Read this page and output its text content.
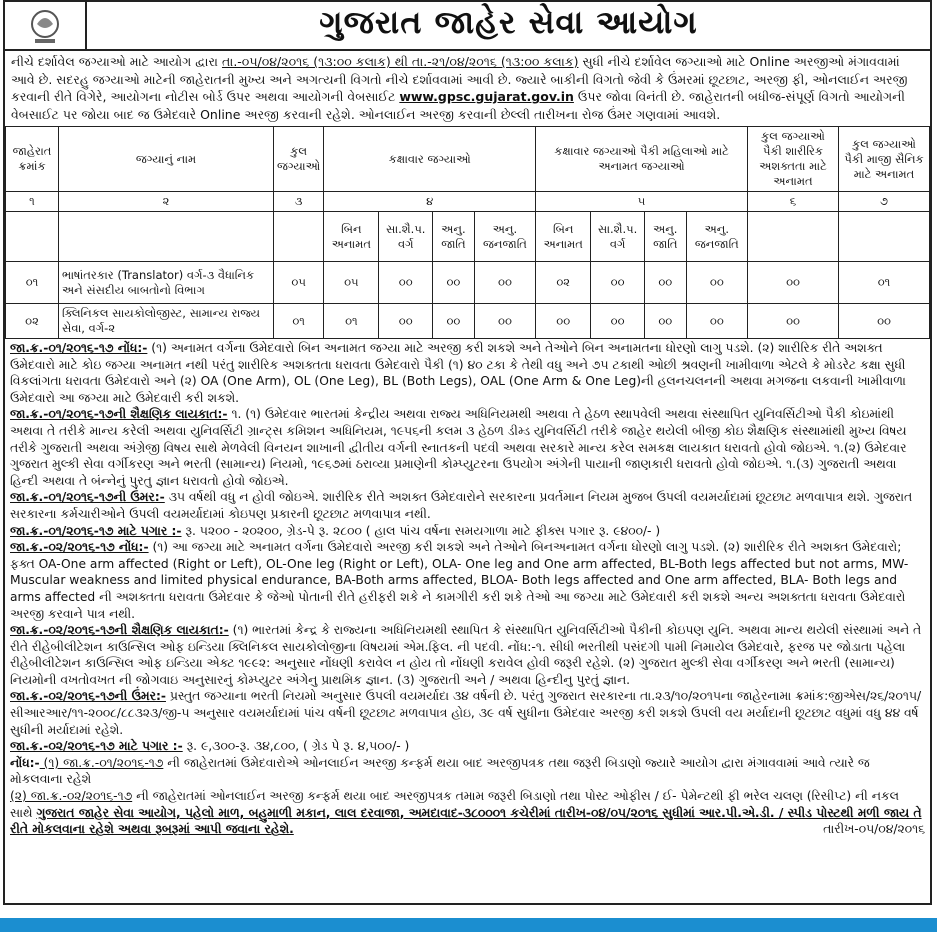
ગુજરાત જાહેર સેવા આયોગ
નીચે દર્શાવેલ જગ્યાઓ માટે આયોગ દ્વારા તા.-૦૫/૦૪/૨૦૧૬ (૧૩:૦૦ કલાક) થી તા.-૨૧/૦૪/૨૦૧૬ (૧૩:૦૦ કલાક) સુધી નીચે દર્શાવેલ જગ્યાઓ માટે Online અરજીઓ મંગાવવામાં આવે છે. સદરહુ જગ્યાઓ માટેની જાહેરાતની મુખ્ય અને અગત્યની વિગતો નીચે દર્શાવવામાં આવી છે. જ્યારે બાકીની વિગતો જેવી કે ઉંમરમાં છૂટછાટ, અરજી ફી, ઓનલાઈન અરજી કરવાની રીતે વિગેરે, આયોગના નોટીસ બોર્ડ ઉપર અથવા આયોગની વેબસાઈટ www.gpsc.gujarat.gov.in ઉપર જોવા વિનંતી છે. જાહેરાતની બધીજ-સંપૂર્ણ વિગતો આયોગની વેબસાઈટ પર જોયા બાદ જ ઉમેદવારે Online અરજી કરવાની રહેશે. ઓનલાઈન અરજી કરવાની છેલ્લી તારીખના રોજ ઉંમર ગણવામાં આવશે.
જાહેરાત ક્રમાંક	જગ્યાનું નામ	કુલ જગ્યાઓ	કક્ષાવાર જગ્યાઓ				કક્ષાવાર જગ્યાઓ પૈકી મહિલાઓ માટે અનામત જગ્યાઓ				કુલ જગ્યાઓ પૈકી શારીરિક અશક્તતા માટે અનામત	કુલ જગ્યાઓ પૈકી માજી સૈનિક માટે અનામત
૧	૨	૩	૪				૫				૬	૭
			બિન અનામત	સા.શૈ.પ. વર્ગ	અનુ. જાતિ	અનુ. જનજાતિ	બિન અનામત	સા.શૈ.પ. વર્ગ	અનુ. જાતિ	અનુ. જનજાતિ		
૦૧	ભાષાંતરકાર (Translator) વર્ગ-૩ વૈધાનિક અને સંસદીય બાબતોનો વિભાગ	૦૫	૦૫	૦૦	૦૦	૦૦	૦૨	૦૦	૦૦	૦૦	૦૦	૦૧
૦૨	ક્લિનિકલ સાયકોલોજીસ્ટ, સામાન્ય રાજ્ય સેવા, વર્ગ-૨	૦૧	૦૧	૦૦	૦૦	૦૦	૦૦	૦૦	૦૦	૦૦	૦૦	૦૦

જા.ક્ર.-૦૧/૨૦૧૬-૧૭ નોંધ:- (૧) અનામત વર્ગના ઉમેદવારો બિન અનામત જગ્યા માટે અરજી કરી શકશે અને તેઓને બિન અનામતના ધોરણો લાગુ પડશે. (૨) શારીરિક રીતે અશક્ત ઉમેદવારો માટે કોઇ જગ્યા અનામત નથી પરંતુ શારીરિક અશક્તતા ધરાવતા ઉમેદવારો પૈકી (૧) ૪૦ ટકા કે તેથી વધુ અને ૭૫ ટકાથી ઓછી શ્રવણની ખામીવાળા એટલે કે મોડરેટ કક્ષા સુધી વિકલાંગતા ધરાવતા ઉમેદવારો અને (૨) OA (One Arm), OL (One Leg), BL (Both Legs), OAL (One Arm & One Leg)ની હલનચલનની અથવા મગજના લકવાની ખામીવાળા ઉમેદવારો આ જગ્યા માટે ઉમેદવારી કરી શકશે.

જા.ક્ર.-૦૧/૨૦૧૬-૧૭ની શૈક્ષણિક લાયકાત:- ૧. (૧) ઉમેદવાર ભારતમાં કેન્દ્રીય અથવા રાજ્ય અધિનિયમથી અથવા તે હેઠળ સ્થાપવેલી અથવા સંસ્થાપિત યુનિવર્સિટીઓ પૈકી કોઇમાંથી અથવા તે તરીકે માન્ય કરેલી અથવા યુનિવર્સિટી ગ્રાન્ટ્સ કમિશન અધિનિયમ, ૧૯૫૬ની કલમ ૩ હેઠળ ડીમ્ડ યુનિવર્સિટી તરીકે જાહેર થયેલી બીજી કોઇ શૈક્ષણિક સંસ્થામાંથી મુખ્ય વિષય તરીકે ગુજરાતી અથવા અંગ્રેજી વિષય સાથે મેળવેલી વિનયન શાખાની દ્વીતીય વર્ગની સ્નાતકની પદવી અથવા સરકારે માન્ય કરેલ સમકક્ષ લાયકાત ધરાવતો હોવો જોઇએ. ૧.(૨) ઉમેદવાર ગુજરાત મુલ્કી સેવા વર્ગીકરણ અને ભરતી (સામાન્ય) નિયમો, ૧૯૬૭માં ઠરાવ્યા પ્રમાણેની કોમ્પ્યુટરના ઉપયોગ અંગેની પાયાની જાણકારી ધરાવતો હોવો જોઇએ. ૧.(૩) ગુજરાતી અથવા હિન્દી અથવા તે બંન્નેનું પુરતુ જ્ઞાન ધરાવતો હોવો જોઇએ.

જા.ક્ર.-૦૧/૨૦૧૬-૧૭ની ઉંમર:- ૩૫ વર્ષથી વધુ ન હોવી જોઇએ. શારીરિક રીતે અશક્ત ઉમેદવારોને સરકારના પ્રવર્તમાન નિયમ મુજબ ઉપલી વયમર્યાદામાં છૂટછાટ મળવાપાત્ર થશે. ગુજરાત સરકારના કર્મચારીઓને ઉપલી વયમર્યાદામાં કોઇપણ પ્રકારની છૂટછાટ મળવાપાત્ર નથી.

જા.ક્ર.-૦૧/૨૦૧૬-૧૭ માટે પગાર :- રૂ. ૫૨૦૦ - ૨૦૨૦૦, ગ્રેડ-પે રૂ. ૨૮૦૦ ( હાલ પાંચ વર્ષના સમયગાળા માટે ફીક્સ પગાર રૂ. ૯૪૦૦/- )

જા.ક્ર.-૦૨/૨૦૧૬-૧૭ નોંધ:- (૧) આ જગ્યા માટે અનામત વર્ગના ઉમેદવારો અરજી કરી શકશે અને તેઓને બિનઅનામત વર્ગના ધોરણો લાગુ પડશે. (૨) શારીરિક રીતે અશક્ત ઉમેદવારો; ફક્ત OA-One arm affected (Right or Left), OL-One leg (Right or Left), OLA- One leg and One arm affected, BL-Both legs affected but not arms, MW-Muscular weakness and limited physical endurance, BA-Both arms affected, BLOA- Both legs affected and One arm affected, BLA- Both legs and arms affected ની અશક્તતા ધરાવતા ઉમેદવાર કે જેઓ પોતાની રીતે હરીફરી શકે ને કામગીરી કરી શકે તેઓ આ જગ્યા માટે ઉમેદવારી કરી શકશે અન્ય અશક્તતા ધરાવતા ઉમેદવારો અરજી કરવાને પાત્ર નથી.

જા.ક્ર.-૦૨/૨૦૧૬-૧૭ની શૈક્ષણિક લાયકાત:- (૧) ભારતમાં કેન્દ્ર કે રાજ્યના અધિનિયમથી સ્થાપિત કે સંસ્થાપિત યુનિવર્સિટીઓ પૈકીની કોઇપણ યુનિ. અથવા માન્ય થયેલી સંસ્થામાં અને તે રીતે રીહેબીલીટેશન કાઉન્સિલ ઓફ ઇન્ડિયા ક્લિનિકલ સાયકોલોજીના વિષયમાં એમ.ફિલ. ની પદવી. નોંધ:-૧. સીધી ભરતીથી પસંદગી પામી નિમાયેલ ઉમેદવારે, ફરજ પર જોડાતા પહેલા રીહેબીલીટેશન કાઉન્સિલ ઓફ ઇન્ડિયા એક્ટ ૧૯૯૨: અનુસાર નોંધણી કરાવેલ ન હોય તો નોંધણી કરાવેલ હોવી જરૂરી રહેશે. (૨) ગુજરાત મુલ્કી સેવા વર્ગીકરણ અને ભરતી (સામાન્ય) નિયમોની વખતોવખત ની જોગવાઇ અનુસારનું કોમ્પ્યુટર અંગેનુ પ્રાથમિક જ્ઞાન. (૩) ગુજરાતી અને / અથવા હિન્દીનુ પુરતું જ્ઞાન.

જા.ક્ર.-૦૨/૨૦૧૬-૧૭ની ઉંમર:- પ્રસ્તુત જગ્યાના ભરતી નિયમો અનુસાર ઉપલી વયમર્યાદા ૩૪ વર્ષની છે. પરંતુ ગુજરાત સરકારના તા.૨૩/૧૦/૨૦૧૫ના જાહેરનામા ક્રમાંક:જીએસ/૨૬/૨૦૧૫/સીઆરઆર/૧૧-૨૦૦૮/૮૮૩૨૩/જી-૫ અનુસાર વયમર્યાદામાં પાંચ વર્ષની છૂટછાટ મળવાપાત્ર હોઇ, ૩૯ વર્ષ સુધીના ઉમેદવાર અરજી કરી શકશે ઉપલી વય મર્યાદાની છૂટછાટ વધુમાં વધુ ૪૪ વર્ષ સુધીની મર્યાદામાં રહેશે.

જા.ક્ર.-૦૨/૨૦૧૬-૧૭ માટે પગાર :- રૂ. ૯,૩૦૦-રૂ. ૩૪,૮૦૦, ( ગ્રેડ પે રૂ. ૪,૫૦૦/- )

નોંધ:- (૧) જા.ક્ર.-૦૧/૨૦૧૬-૧૭ ની જાહેરાતમાં ઉમેદવારોએ ઓનલાઈન અરજી કન્ફર્મ થયા બાદ અરજીપત્રક તથા જરૂરી બિડાણો જ્યારે આયોગ દ્વારા મંગાવવામાં આવે ત્યારે જ મોકલવાના રહેશે

(૨) જા.ક્ર.-૦૨/૨૦૧૬-૧૭ ની જાહેરાતમાં ઓનલાઈન અરજી કન્ફર્મ થયા બાદ અરજીપત્રક તમામ જરૂરી બિડાણો તથા પોસ્ટ ઓફીસ / ઈ- પેમેન્ટથી ફી ભરેલ ચલણ (રિસીપ્ટ) ની નકલ સાથે ગુજરાત જાહેર સેવા આયોગ, પહેલો માળ, બહુમાળી મકાન, લાલ દરવાજા, અમદાવાદ-૩૮૦૦૦૧ કચેરીમાં તારીખ-૦૪/૦૫/૨૦૧૬ સુધીમાં આર.પી.એ.ડી. / સ્પીડ પોસ્ટથી મળી જાય તે રીતે મોકલવાના રહેશે અથવા રૂબરૂમાં આપી જવાના રહેશે.	તારીખ-૦૫/૦૪/૨૦૧૬
